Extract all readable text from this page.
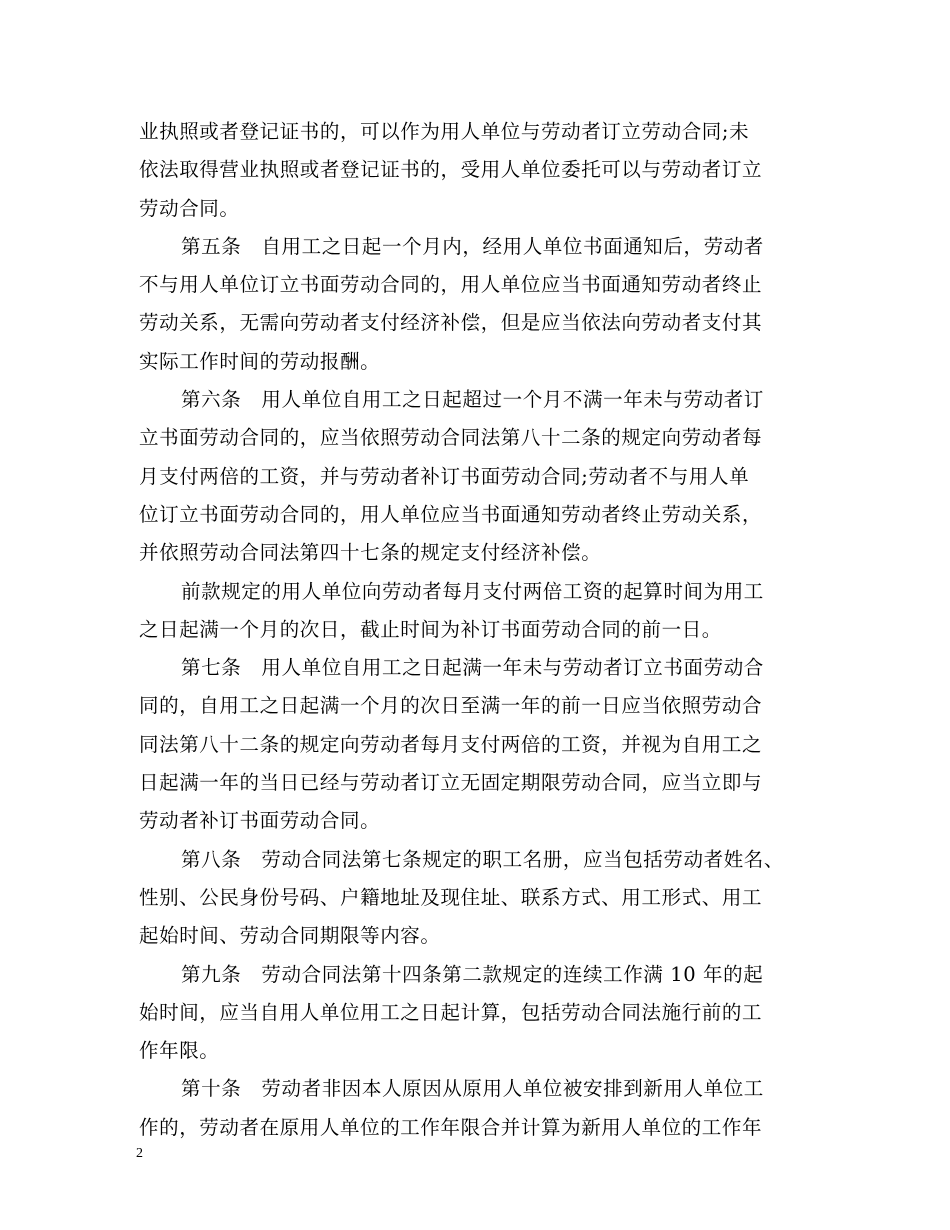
业执照或者登记证书的，可以作为用人单位与劳动者订立劳动合同;未
依法取得营业执照或者登记证书的，受用人单位委托可以与劳动者订立
劳动合同。
第五条　自用工之日起一个月内，经用人单位书面通知后，劳动者
不与用人单位订立书面劳动合同的，用人单位应当书面通知劳动者终止
劳动关系，无需向劳动者支付经济补偿，但是应当依法向劳动者支付其
实际工作时间的劳动报酬。
第六条　用人单位自用工之日起超过一个月不满一年未与劳动者订
立书面劳动合同的，应当依照劳动合同法第八十二条的规定向劳动者每
月支付两倍的工资，并与劳动者补订书面劳动合同;劳动者不与用人单
位订立书面劳动合同的，用人单位应当书面通知劳动者终止劳动关系，
并依照劳动合同法第四十七条的规定支付经济补偿。
前款规定的用人单位向劳动者每月支付两倍工资的起算时间为用工
之日起满一个月的次日，截止时间为补订书面劳动合同的前一日。
第七条　用人单位自用工之日起满一年未与劳动者订立书面劳动合
同的，自用工之日起满一个月的次日至满一年的前一日应当依照劳动合
同法第八十二条的规定向劳动者每月支付两倍的工资，并视为自用工之
日起满一年的当日已经与劳动者订立无固定期限劳动合同，应当立即与
劳动者补订书面劳动合同。
第八条　劳动合同法第七条规定的职工名册，应当包括劳动者姓名、
性别、公民身份号码、户籍地址及现住址、联系方式、用工形式、用工
起始时间、劳动合同期限等内容。
第九条　劳动合同法第十四条第二款规定的连续工作满 10 年的起
始时间，应当自用人单位用工之日起计算，包括劳动合同法施行前的工
作年限。
第十条　劳动者非因本人原因从原用人单位被安排到新用人单位工
作的，劳动者在原用人单位的工作年限合并计算为新用人单位的工作年
2
